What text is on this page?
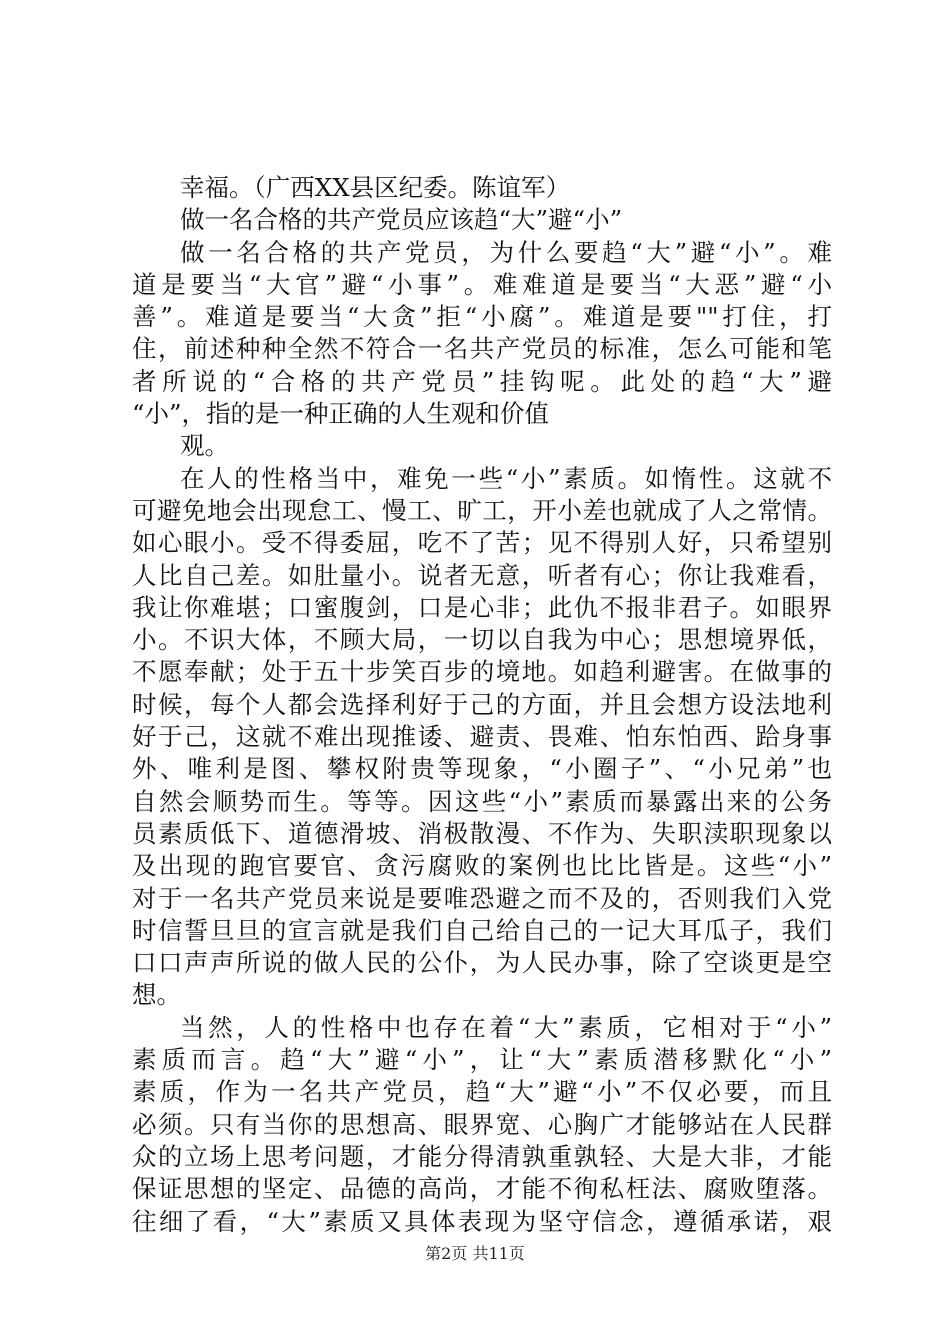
幸福。（广西XX县区纪委。陈谊军）
做一名合格的共产党员应该趋“大”避“小”
做一名合格的共产党员，为什么要趋“大”避“小”。难
道是要当“大官”避“小事”。难难道是要当“大恶”避“小
善”。难道是要当“大贪”拒“小腐”。难道是要""打住，打
住，前述种种全然不符合一名共产党员的标准，怎么可能和笔
者所说的“合格的共产党员”挂钩呢。此处的趋“大”避
“小”，指的是一种正确的人生观和价值
观。
在人的性格当中，难免一些“小”素质。如惰性。这就不
可避免地会出现怠工、慢工、旷工，开小差也就成了人之常情。
如心眼小。受不得委屈，吃不了苦；见不得别人好，只希望别
人比自己差。如肚量小。说者无意，听者有心；你让我难看，
我让你难堪；口蜜腹剑，口是心非；此仇不报非君子。如眼界
小。不识大体，不顾大局，一切以自我为中心；思想境界低，
不愿奉献；处于五十步笑百步的境地。如趋利避害。在做事的
时候，每个人都会选择利好于己的方面，并且会想方设法地利
好于己，这就不难出现推诿、避责、畏难、怕东怕西、跲身事
外、唯利是图、攀权附贵等现象，“小圈子”、“小兄弟”也
自然会顺势而生。等等。因这些“小”素质而暴露出来的公务
员素质低下、道德滑坡、消极散漫、不作为、失职渎职现象以
及出现的跑官要官、贪污腐败的案例也比比皆是。这些“小”
对于一名共产党员来说是要唯恐避之而不及的，否则我们入党
时信誓旦旦的宣言就是我们自己给自己的一记大耳瓜子，我们
口口声声所说的做人民的公仆，为人民办事，除了空谈更是空
想。
当然，人的性格中也存在着“大”素质，它相对于“小”
素质而言。趋“大”避“小”，让“大”素质潜移默化“小”
素质，作为一名共产党员，趋“大”避“小”不仅必要，而且
必须。只有当你的思想高、眼界宽、心胸广才能够站在人民群
众的立场上思考问题，才能分得清孰重孰轻、大是大非，才能
保证思想的坚定、品德的高尚，才能不徇私枉法、腐败堕落。
往细了看，“大”素质又具体表现为坚守信念，遵循承诺，艰
第2页 共11页
